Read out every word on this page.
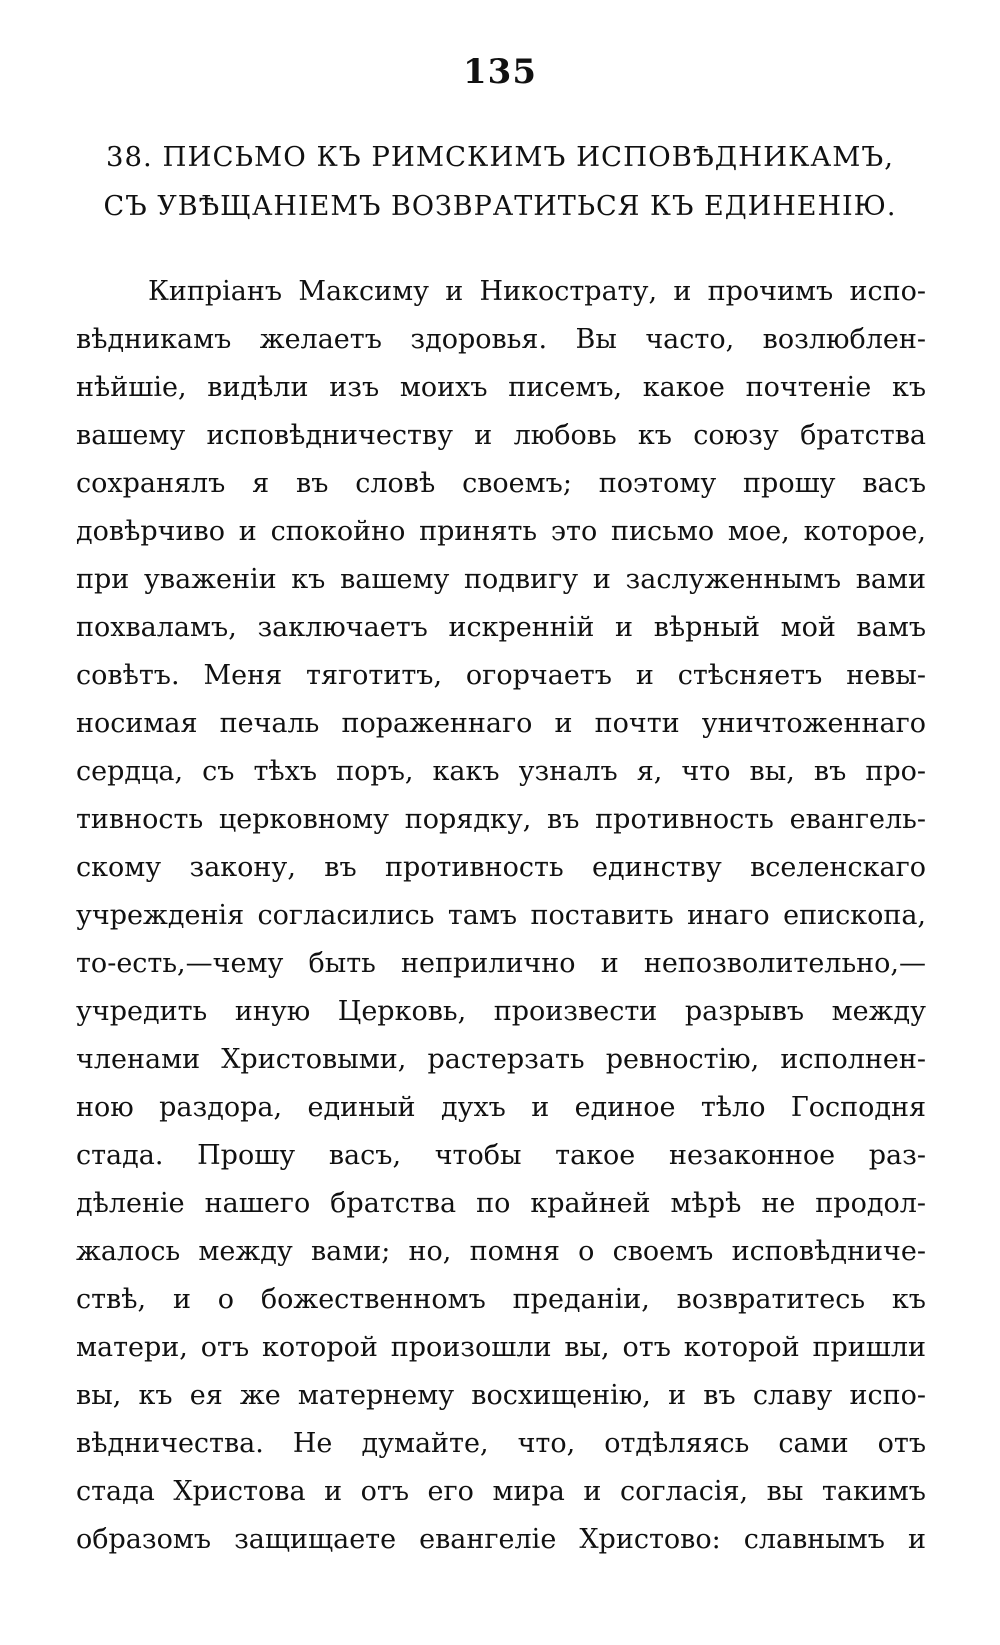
135
38. ПИСЬМО КЪ РИМСКИМЪ ИСПОВѢДНИКАМЪ,
СЪ УВѢЩАНІЕМЪ ВОЗВРАТИТЬСЯ КЪ ЕДИНЕНІЮ.
Кипріанъ Максиму и Никострату, и прочимъ испо-
вѣдникамъ желаетъ здоровья. Вы часто, возлюблен-
нѣйшіе, видѣли изъ моихъ писемъ, какое почтеніе къ
вашему исповѣдничеству и любовь къ союзу братства
сохранялъ я въ словѣ своемъ; поэтому прошу васъ
довѣрчиво и спокойно принять это письмо мое, которое,
при уваженіи къ вашему подвигу и заслуженнымъ вами
похваламъ, заключаетъ искренній и вѣрный мой вамъ
совѣтъ. Меня тяготитъ, огорчаетъ и стѣсняетъ невы-
носимая печаль пораженнаго и почти уничтоженнаго
сердца, съ тѣхъ поръ, какъ узналъ я, что вы, въ про-
тивность церковному порядку, въ противность евангель-
скому закону, въ противность единству вселенскаго
учрежденія согласились тамъ поставить инаго епископа,
то-есть,—чему быть неприлично и непозволительно,—
учредить иную Церковь, произвести разрывъ между
членами Христовыми, растерзать ревностію, исполнен-
ною раздора, единый духъ и единое тѣло Господня
стада. Прошу васъ, чтобы такое незаконное раз-
дѣленіе нашего братства по крайней мѣрѣ не продол-
жалось между вами; но, помня о своемъ исповѣдниче-
ствѣ, и о божественномъ преданіи, возвратитесь къ
матери, отъ которой произошли вы, отъ которой пришли
вы, къ ея же матернему восхищенію, и въ славу испо-
вѣдничества. Не думайте, что, отдѣляясь сами отъ
стада Христова и отъ его мира и согласія, вы такимъ
образомъ защищаете евангеліе Христово: славнымъ и
